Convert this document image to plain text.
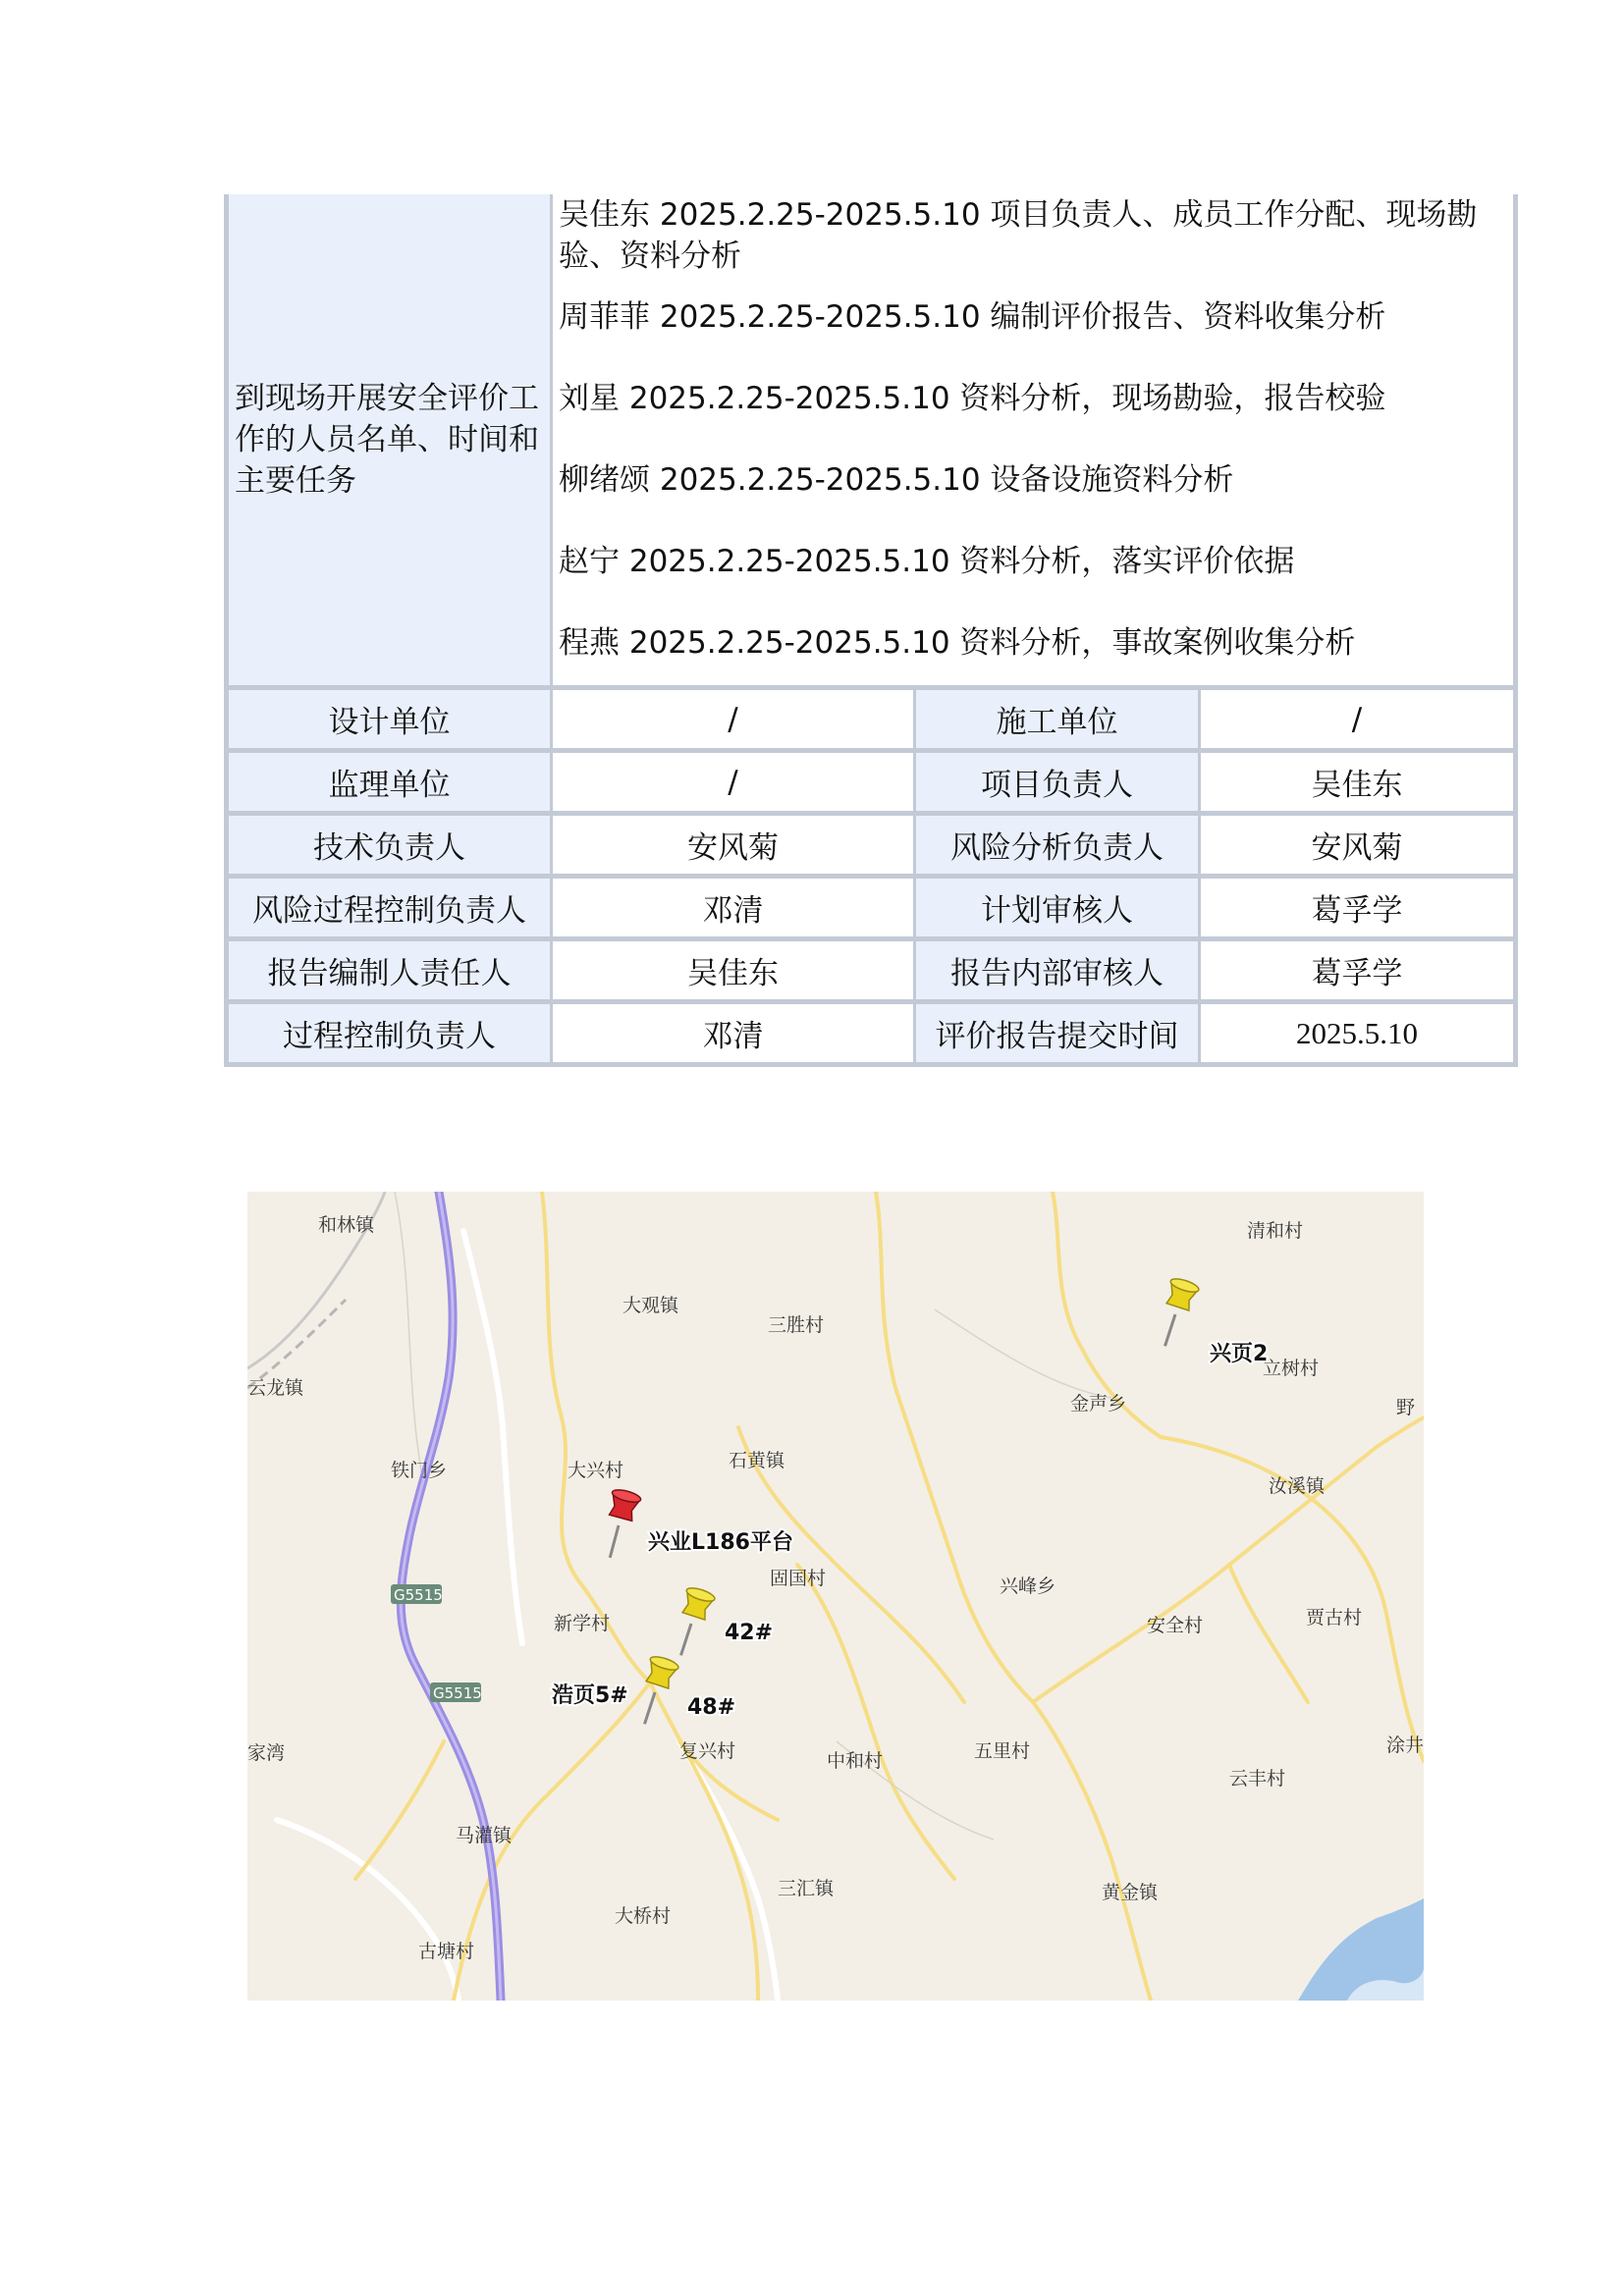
到现场开展安全评价工作的人员名单、时间和主要任务
吴佳东 2025.2.25-2025.5.10 项目负责人、成员工作分配、现场勘
验、资料分析
周菲菲 2025.2.25-2025.5.10 编制评价报告、资料收集分析
刘星 2025.2.25-2025.5.10 资料分析，现场勘验，报告校验
柳绪颂 2025.2.25-2025.5.10 设备设施资料分析
赵宁 2025.2.25-2025.5.10 资料分析，落实评价依据
程燕 2025.2.25-2025.5.10 资料分析，事故案例收集分析
设计单位	/	施工单位	/
监理单位	/	项目负责人	吴佳东
技术负责人	安风菊	风险分析负责人	安风菊
风险过程控制负责人	邓清	计划审核人	葛孚学
报告编制人责任人	吴佳东	报告内部审核人	葛孚学
过程控制负责人	邓清	评价报告提交时间	2025.5.10
G5515
G5515
和林镇	清和村
大观镇
三胜村
云龙镇
立树村
金声乡	野
铁门乡	大兴村	石黄镇
汝溪镇
固国村	兴峰乡
新学村	安全村	贾古村
家湾	复兴村	中和村	五里村
云丰村
涂井
马灌镇
三汇镇
大桥村
黄金镇
古塘村
兴页2
兴业L186平台
42#
48#
浩页5#
